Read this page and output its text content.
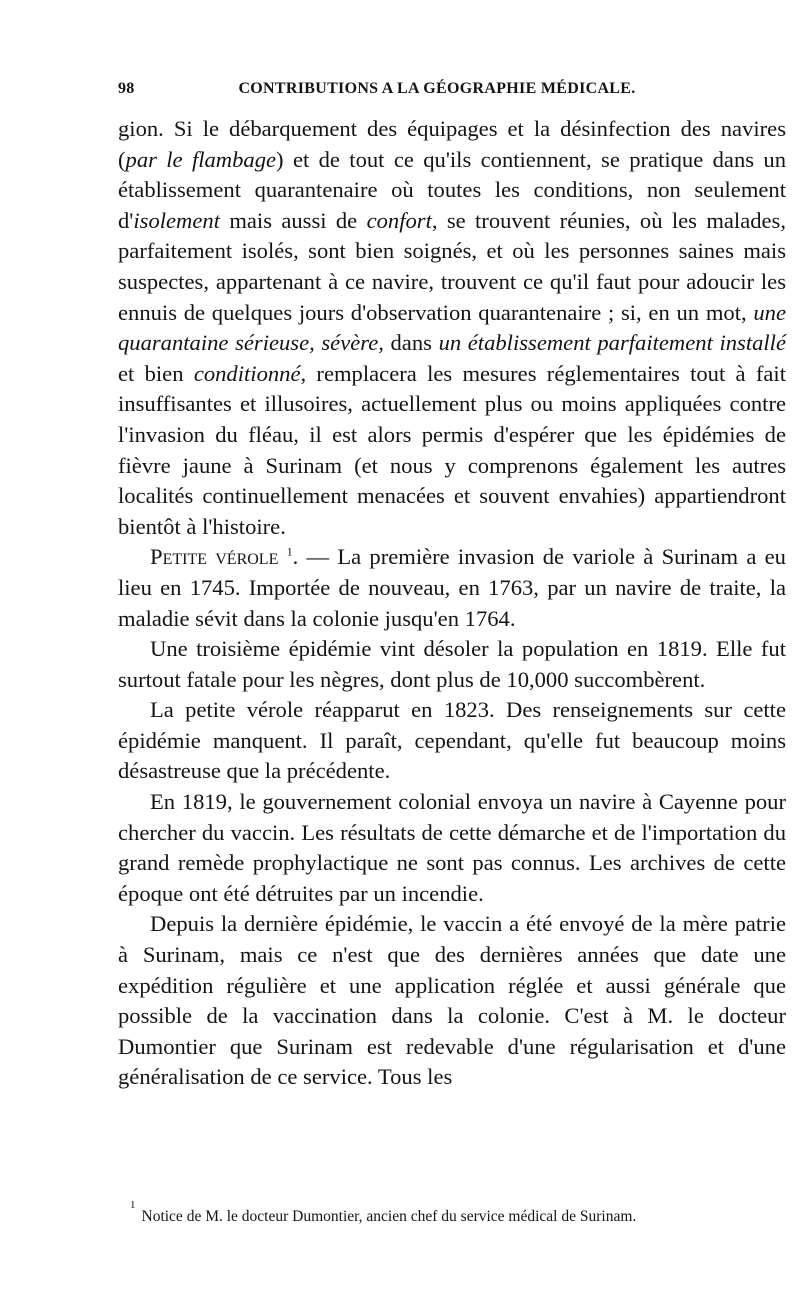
98	CONTRIBUTIONS A LA GÉOGRAPHIE MÉDICALE.

gion. Si le débarquement des équipages et la désinfection des navires (par le flambage) et de tout ce qu'ils contiennent, se pratique dans un établissement quarantenaire où toutes les conditions, non seulement d'isolement mais aussi de confort, se trouvent réunies, où les malades, parfaitement isolés, sont bien soignés, et où les personnes saines mais suspectes, appartenant à ce navire, trouvent ce qu'il faut pour adoucir les ennuis de quelques jours d'observation quarantenaire ; si, en un mot, une quarantaine sérieuse, sévère, dans un établissement parfaitement installé et bien conditionné, remplacera les mesures réglementaires tout à fait insuffisantes et illusoires, actuellement plus ou moins appliquées contre l'invasion du fléau, il est alors permis d'espérer que les épidémies de fièvre jaune à Surinam (et nous y comprenons également les autres localités continuellement menacées et souvent envahies) appartiendront bientôt à l'histoire.

Petite vérole $^1$. — La première invasion de variole à Surinam a eu lieu en 1745. Importée de nouveau, en 1763, par un navire de traite, la maladie sévit dans la colonie jusqu'en 1764.

Une troisième épidémie vint désoler la population en 1819. Elle fut surtout fatale pour les nègres, dont plus de 10,000 succombèrent.

La petite vérole réapparut en 1823. Des renseignements sur cette épidémie manquent. Il paraît, cependant, qu'elle fut beaucoup moins désastreuse que la précédente.

En 1819, le gouvernement colonial envoya un navire à Cayenne pour chercher du vaccin. Les résultats de cette démarche et de l'importation du grand remède prophylactique ne sont pas connus. Les archives de cette époque ont été détruites par un incendie.

Depuis la dernière épidémie, le vaccin a été envoyé de la mère patrie à Surinam, mais ce n'est que des dernières années que date une expédition régulière et une application réglée et aussi générale que possible de la vaccination dans la colonie. C'est à M. le docteur Dumontier que Surinam est redevable d'une régularisation et d'une généralisation de ce service. Tous les

$^1$Notice de M. le docteur Dumontier, ancien chef du service médical de Surinam.
